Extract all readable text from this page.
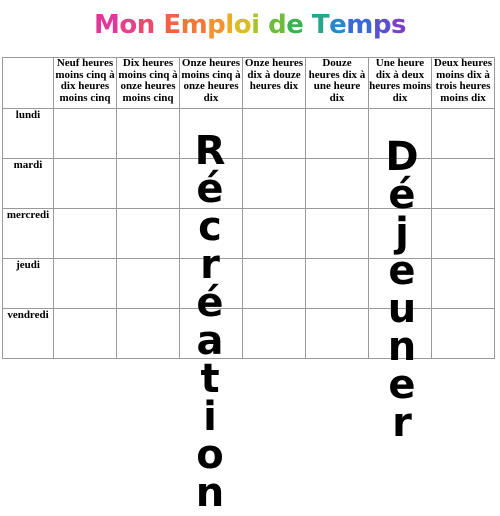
Mon Emploi de Temps
	Neuf heures moins cinq à dix heures moins cinq	Dix heures moins cinq à onze heures moins cinq	Onze heures moins cinq à onze heures dix	Onze heures dix à douze heures dix	Douze heures dix à une heure dix	Une heure dix à deux heures moins dix	Deux heures moins dix à trois heures moins dix
lundi							
mardi							
mercredi							
jeudi							
vendredi							
R
é
c
r
é
a
t
i
o
n
D
é
j
e
u
n
e
r
